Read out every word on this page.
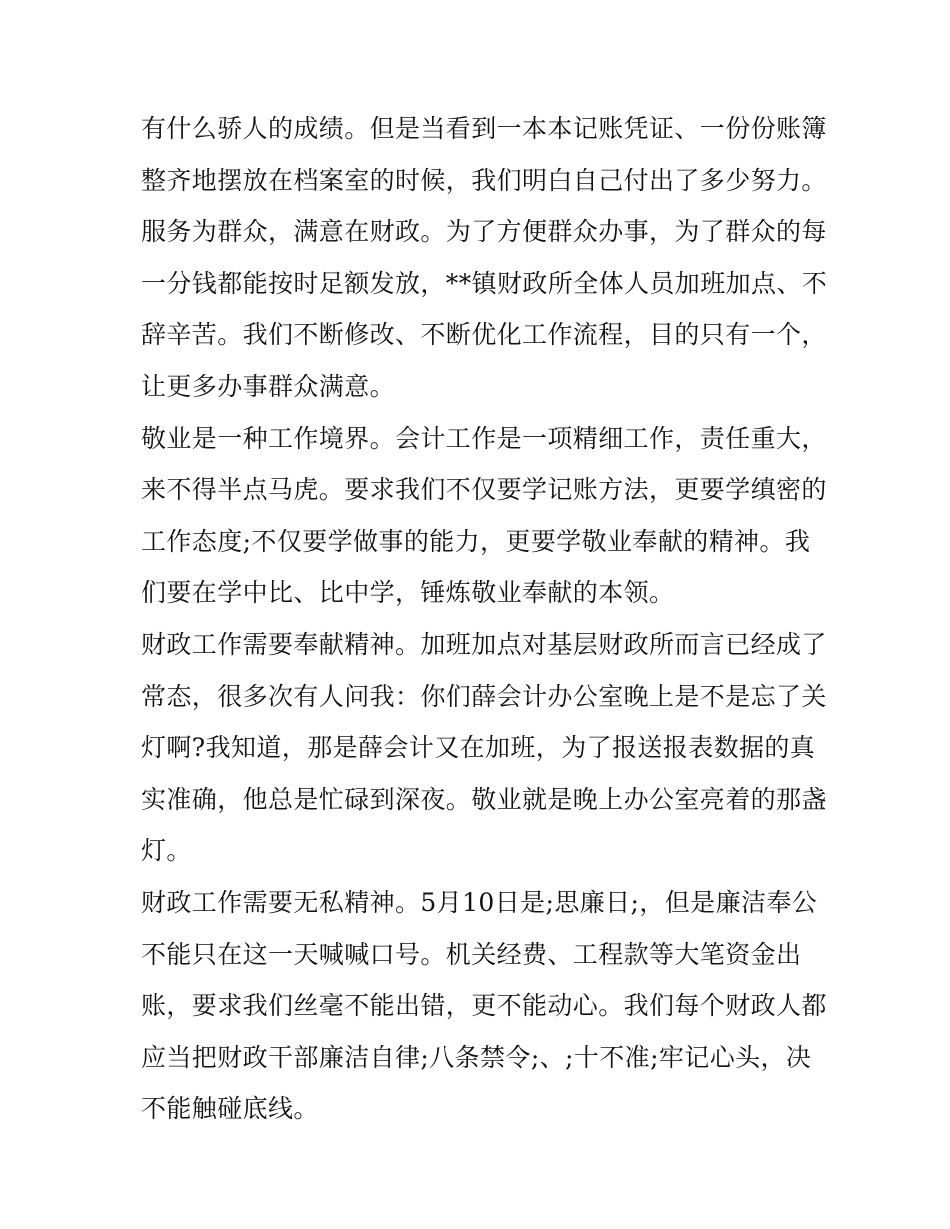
有什么骄人的成绩。但是当看到一本本记账凭证、一份份账簿
整齐地摆放在档案室的时候，我们明白自己付出了多少努力。
服务为群众，满意在财政。为了方便群众办事，为了群众的每
一分钱都能按时足额发放，**镇财政所全体人员加班加点、不
辞辛苦。我们不断修改、不断优化工作流程，目的只有一个，
让更多办事群众满意。
敬业是一种工作境界。会计工作是一项精细工作，责任重大，
来不得半点马虎。要求我们不仅要学记账方法，更要学缜密的
工作态度;不仅要学做事的能力，更要学敬业奉献的精神。我
们要在学中比、比中学，锤炼敬业奉献的本领。
财政工作需要奉献精神。加班加点对基层财政所而言已经成了
常态，很多次有人问我：你们薛会计办公室晚上是不是忘了关
灯啊?我知道，那是薛会计又在加班，为了报送报表数据的真
实准确，他总是忙碌到深夜。敬业就是晚上办公室亮着的那盏
灯。
财政工作需要无私精神。5月10日是;思廉日;，但是廉洁奉公
不能只在这一天喊喊口号。机关经费、工程款等大笔资金出
账，要求我们丝毫不能出错，更不能动心。我们每个财政人都
应当把财政干部廉洁自律;八条禁令;、;十不准;牢记心头，决
不能触碰底线。
